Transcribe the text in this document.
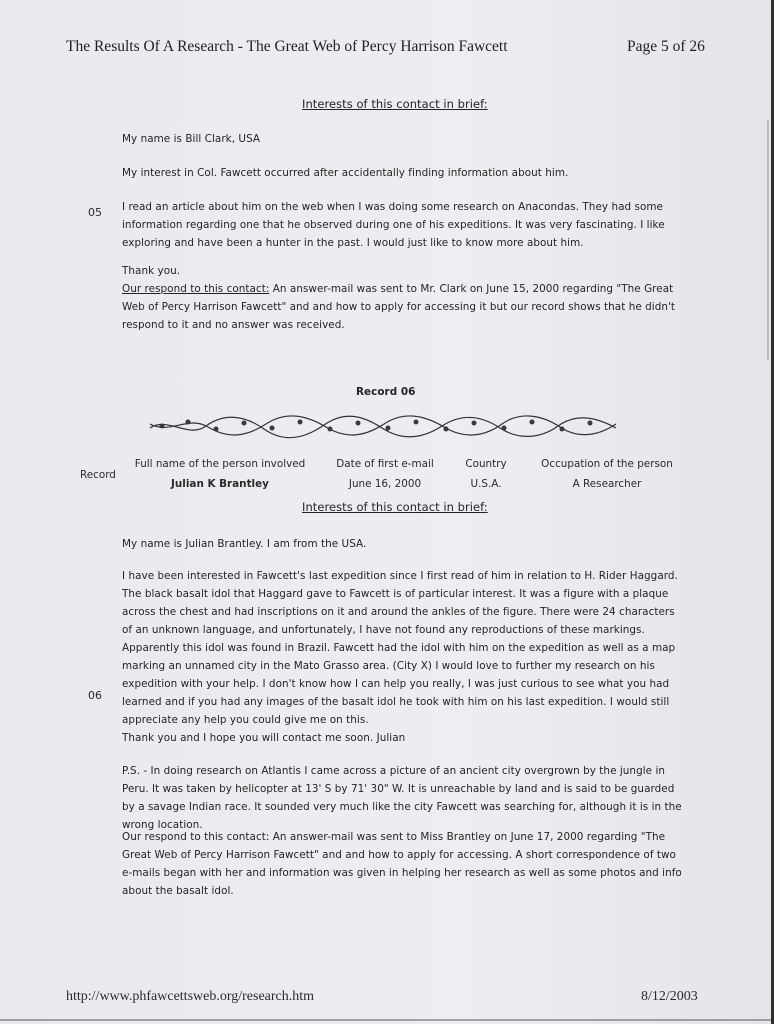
The Results Of A Research - The Great Web of Percy Harrison Fawcett	Page 5 of 26
Interests of this contact in brief:
My name is Bill Clark, USA
My interest in Col. Fawcett occurred after accidentally finding information about him.
05 I read an article about him on the web when I was doing some research on Anacondas. They had some information regarding one that he observed during one of his expeditions. It was very fascinating. I like exploring and have been a hunter in the past. I would just like to know more about him.
Thank you.
Our respond to this contact: An answer-mail was sent to Mr. Clark on June 15, 2000 regarding "The Great Web of Percy Harrison Fawcett" and and how to apply for accessing it but our record shows that he didn't respond to it and no answer was received.
Record 06
Record
Full name of the person involved	Date of first e-mail	Country	Occupation of the person
Julian K Brantley	June 16, 2000	U.S.A.	A Researcher
Interests of this contact in brief:
My name is Julian Brantley. I am from the USA.
I have been interested in Fawcett's last expedition since I first read of him in relation to H. Rider Haggard. The black basalt idol that Haggard gave to Fawcett is of particular interest. It was a figure with a plaque across the chest and had inscriptions on it and around the ankles of the figure. There were 24 characters of an unknown language, and unfortunately, I have not found any reproductions of these markings. Apparently this idol was found in Brazil. Fawcett had the idol with him on the expedition as well as a map marking an unnamed city in the Mato Grasso area. (City X) I would love to further my research on his expedition with your help. I don't know how I can help you really, I was just curious to see what you had learned and if you had any images of the basalt idol he took with him on his last expedition. I would still appreciate any help you could give me on this.
06
Thank you and I hope you will contact me soon. Julian
P.S. - In doing research on Atlantis I came across a picture of an ancient city overgrown by the jungle in Peru. It was taken by helicopter at 13' S by 71' 30" W. It is unreachable by land and is said to be guarded by a savage Indian race. It sounded very much like the city Fawcett was searching for, although it is in the wrong location.
Our respond to this contact: An answer-mail was sent to Miss Brantley on June 17, 2000 regarding "The Great Web of Percy Harrison Fawcett" and and how to apply for accessing. A short correspondence of two e-mails began with her and information was given in helping her research as well as some photos and info about the basalt idol.
http://www.phfawcettsweb.org/research.htm	8/12/2003
